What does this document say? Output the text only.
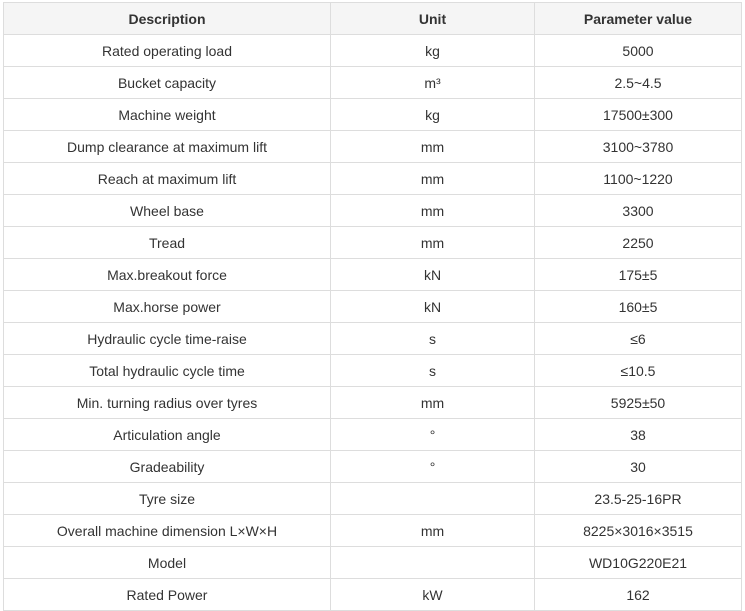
Description	Unit	Parameter value
Rated operating load	kg	5000
Bucket capacity	m³	2.5~4.5
Machine weight	kg	17500±300
Dump clearance at maximum lift	mm	3100~3780
Reach at maximum lift	mm	1100~1220
Wheel base	mm	3300
Tread	mm	2250
Max.breakout force	kN	175±5
Max.horse power	kN	160±5
Hydraulic cycle time-raise	s	≤6
Total hydraulic cycle time	s	≤10.5
Min. turning radius over tyres	mm	5925±50
Articulation angle	°	38
Gradeability	°	30
Tyre size		23.5-25-16PR
Overall machine dimension L×W×H	mm	8225×3016×3515
Model		WD10G220E21
Rated Power	kW	162
